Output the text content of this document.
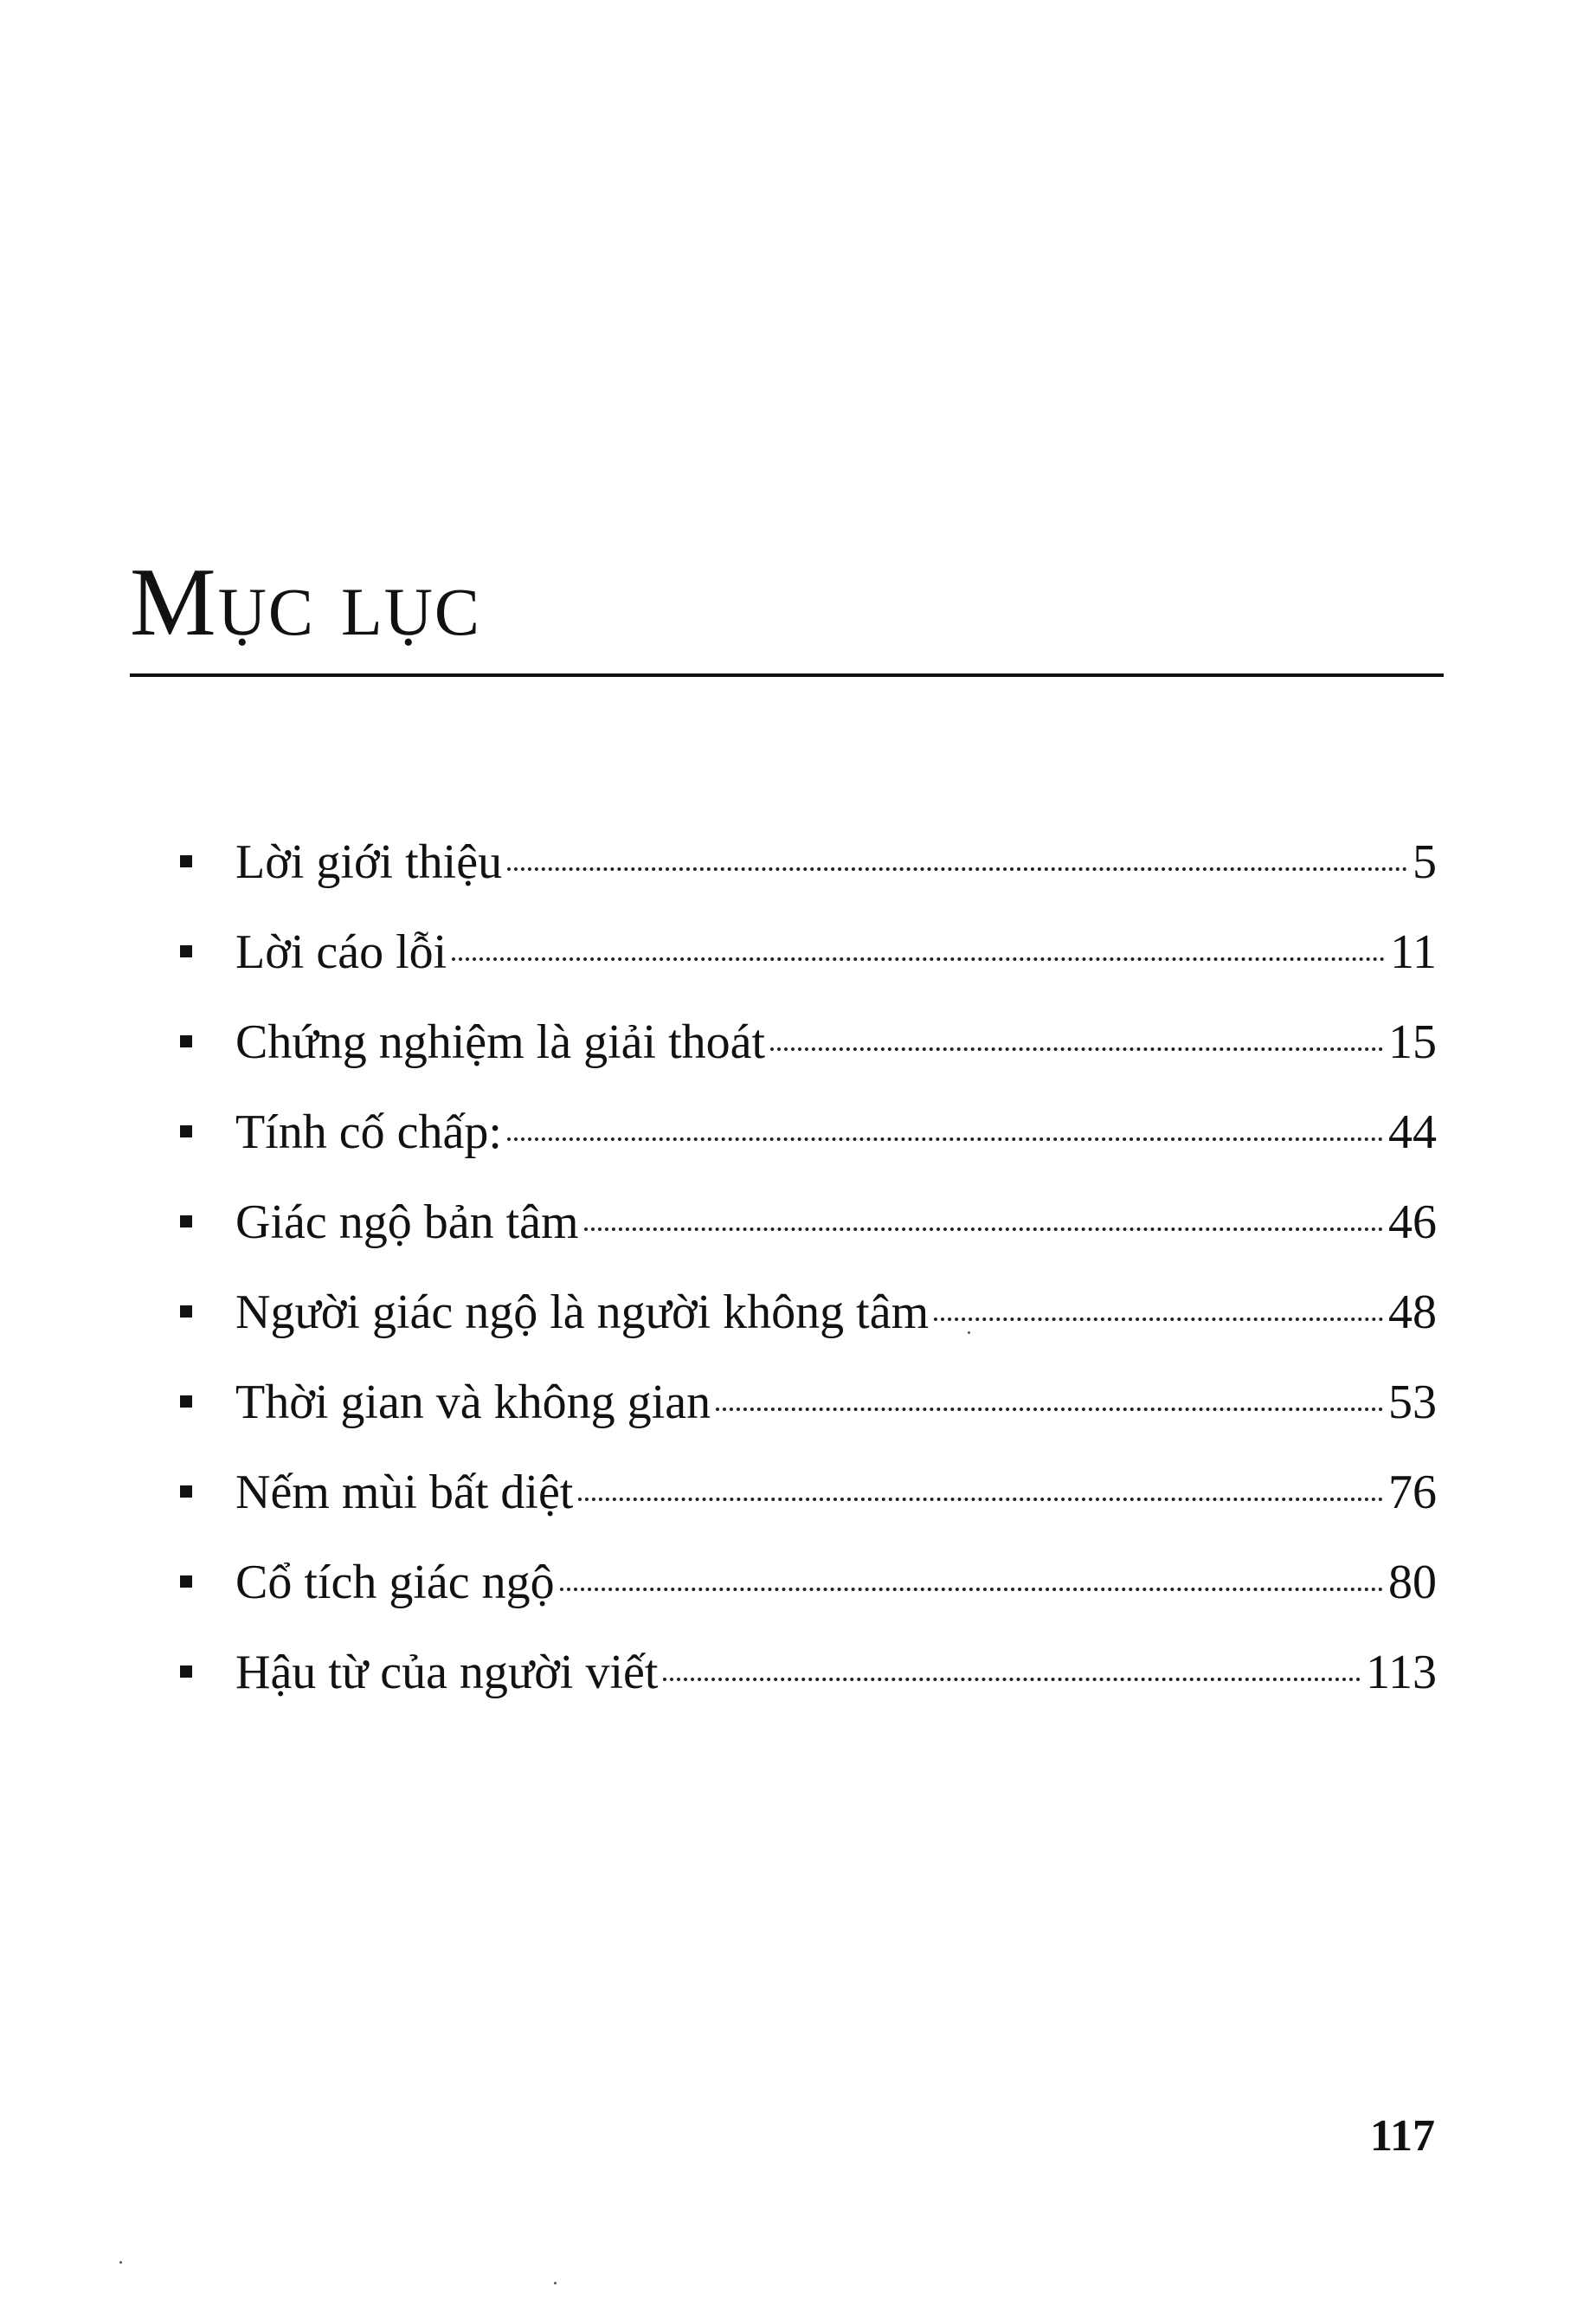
Mục lục
Lời giới thiệu	5
Lời cáo lỗi	11
Chứng nghiệm là giải thoát	15
Tính cố chấp:	44
Giác ngộ bản tâm	46
Người giác ngộ là người không tâm	48
Thời gian và không gian	53
Nếm mùi bất diệt	76
Cổ tích giác ngộ	80
Hậu từ của người viết	113
117
